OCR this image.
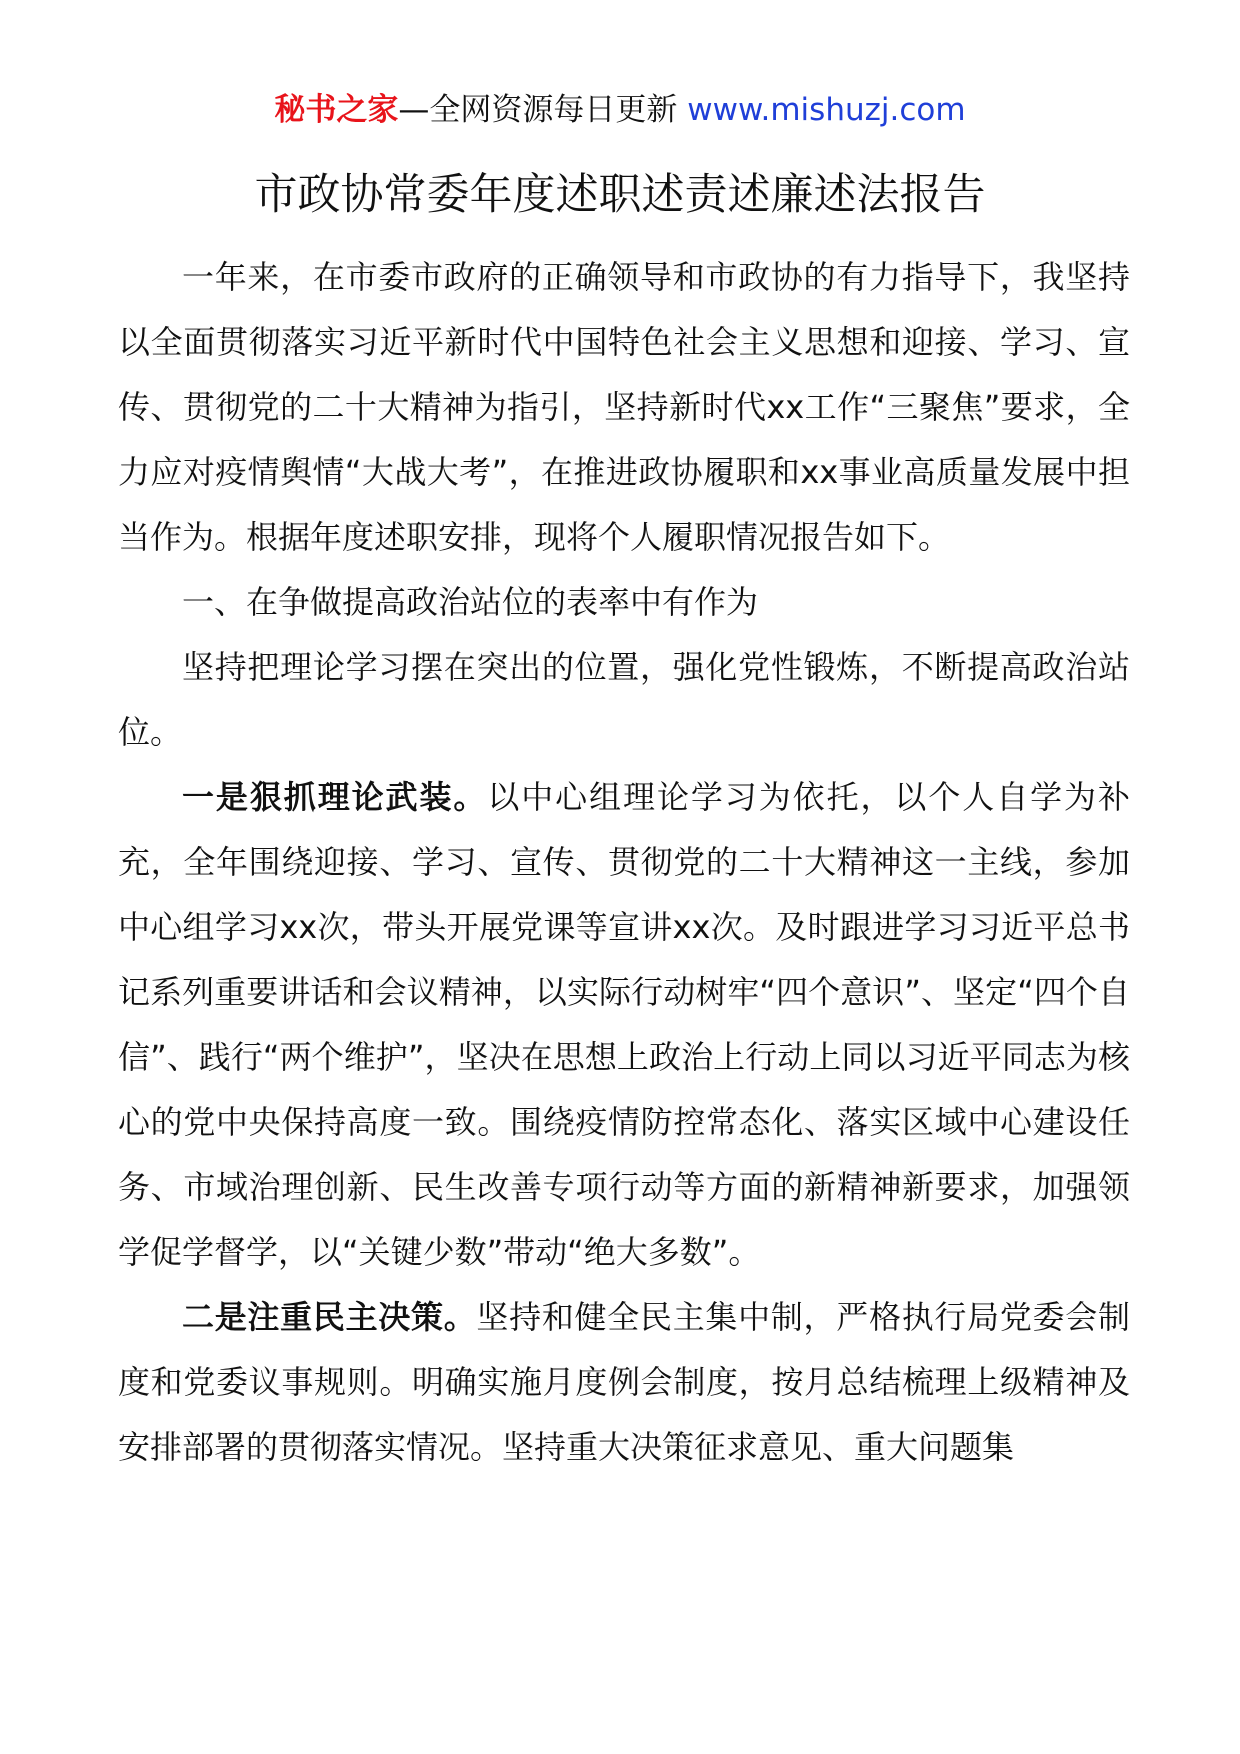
秘书之家—全网资源每日更新 www.mishuzj.com
市政协常委年度述职述责述廉述法报告

一年来，在市委市政府的正确领导和市政协的有力指导下，我坚持以全面贯彻落实习近平新时代中国特色社会主义思想和迎接、学习、宣传、贯彻党的二十大精神为指引，坚持新时代xx工作“三聚焦”要求，全力应对疫情舆情“大战大考”，在推进政协履职和xx事业高质量发展中担当作为。根据年度述职安排，现将个人履职情况报告如下。

一、在争做提高政治站位的表率中有作为

坚持把理论学习摆在突出的位置，强化党性锻炼，不断提高政治站位。

一是狠抓理论武装。以中心组理论学习为依托，以个人自学为补充，全年围绕迎接、学习、宣传、贯彻党的二十大精神这一主线，参加中心组学习xx次，带头开展党课等宣讲xx次。及时跟进学习习近平总书记系列重要讲话和会议精神，以实际行动树牢“四个意识”、坚定“四个自信”、践行“两个维护”，坚决在思想上政治上行动上同以习近平同志为核心的党中央保持高度一致。围绕疫情防控常态化、落实区域中心建设任务、市域治理创新、民生改善专项行动等方面的新精神新要求，加强领学促学督学，以“关键少数”带动“绝大多数”。

二是注重民主决策。坚持和健全民主集中制，严格执行局党委会制度和党委议事规则。明确实施月度例会制度，按月总结梳理上级精神及安排部署的贯彻落实情况。坚持重大决策征求意见、重大问题集
